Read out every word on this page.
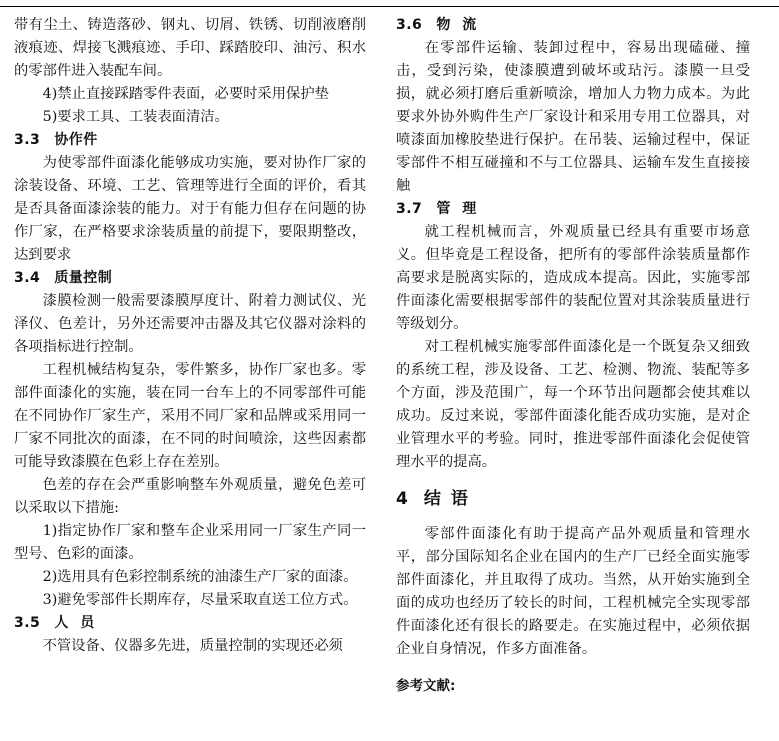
带有尘土、铸造落砂、钢丸、切屑、铁锈、切削液磨削液痕迹、焊接飞溅痕迹、手印、踩踏胶印、油污、积水的零部件进入装配车间。

4)禁止直接踩踏零件表面，必要时采用保护垫

5)要求工具、工装表面清洁。

3.3 协作件

为使零部件面漆化能够成功实施，要对协作厂家的涂装设备、环境、工艺、管理等进行全面的评价，看其是否具备面漆涂装的能力。对于有能力但存在问题的协作厂家，在严格要求涂装质量的前提下，要限期整改，达到要求

3.4 质量控制

漆膜检测一般需要漆膜厚度计、附着力测试仪、光泽仪、色差计，另外还需要冲击器及其它仪器对涂料的各项指标进行控制。

工程机械结构复杂，零件繁多，协作厂家也多。零部件面漆化的实施，装在同一台车上的不同零部件可能在不同协作厂家生产，采用不同厂家和品牌或采用同一厂家不同批次的面漆，在不同的时间喷涂，这些因素都可能导致漆膜在色彩上存在差别。

色差的存在会严重影响整车外观质量，避免色差可以采取以下措施:

1)指定协作厂家和整车企业采用同一厂家生产同一型号、色彩的面漆。

2)选用具有色彩控制系统的油漆生产厂家的面漆。

3)避免零部件长期库存，尽量采取直送工位方式。

3.5 人员

不管设备、仪器多先进，质量控制的实现还必须

3.6 物流

在零部件运输、装卸过程中，容易出现磕碰、撞击，受到污染，使漆膜遭到破坏或玷污。漆膜一旦受损，就必须打磨后重新喷涂，增加人力物力成本。为此要求外协外购件生产厂家设计和采用专用工位器具，对喷漆面加橡胶垫进行保护。在吊装、运输过程中，保证零部件不相互碰撞和不与工位器具、运输车发生直接接触

3.7 管理

就工程机械而言，外观质量已经具有重要市场意义。但毕竟是工程设备，把所有的零部件涂装质量都作高要求是脱离实际的，造成成本提高。因此，实施零部件面漆化需要根据零部件的装配位置对其涂装质量进行等级划分。

对工程机械实施零部件面漆化是一个既复杂又细致的系统工程，涉及设备、工艺、检测、物流、装配等多个方面，涉及范围广，每一个环节出问题都会使其难以成功。反过来说，零部件面漆化能否成功实施，是对企业管理水平的考验。同时，推进零部件面漆化会促使管理水平的提高。

4 结语

零部件面漆化有助于提高产品外观质量和管理水平，部分国际知名企业在国内的生产厂已经全面实施零部件面漆化，并且取得了成功。当然，从开始实施到全面的成功也经历了较长的时间，工程机械完全实现零部件面漆化还有很长的路要走。在实施过程中，必须依据企业自身情况，作多方面准备。

参考文献:
